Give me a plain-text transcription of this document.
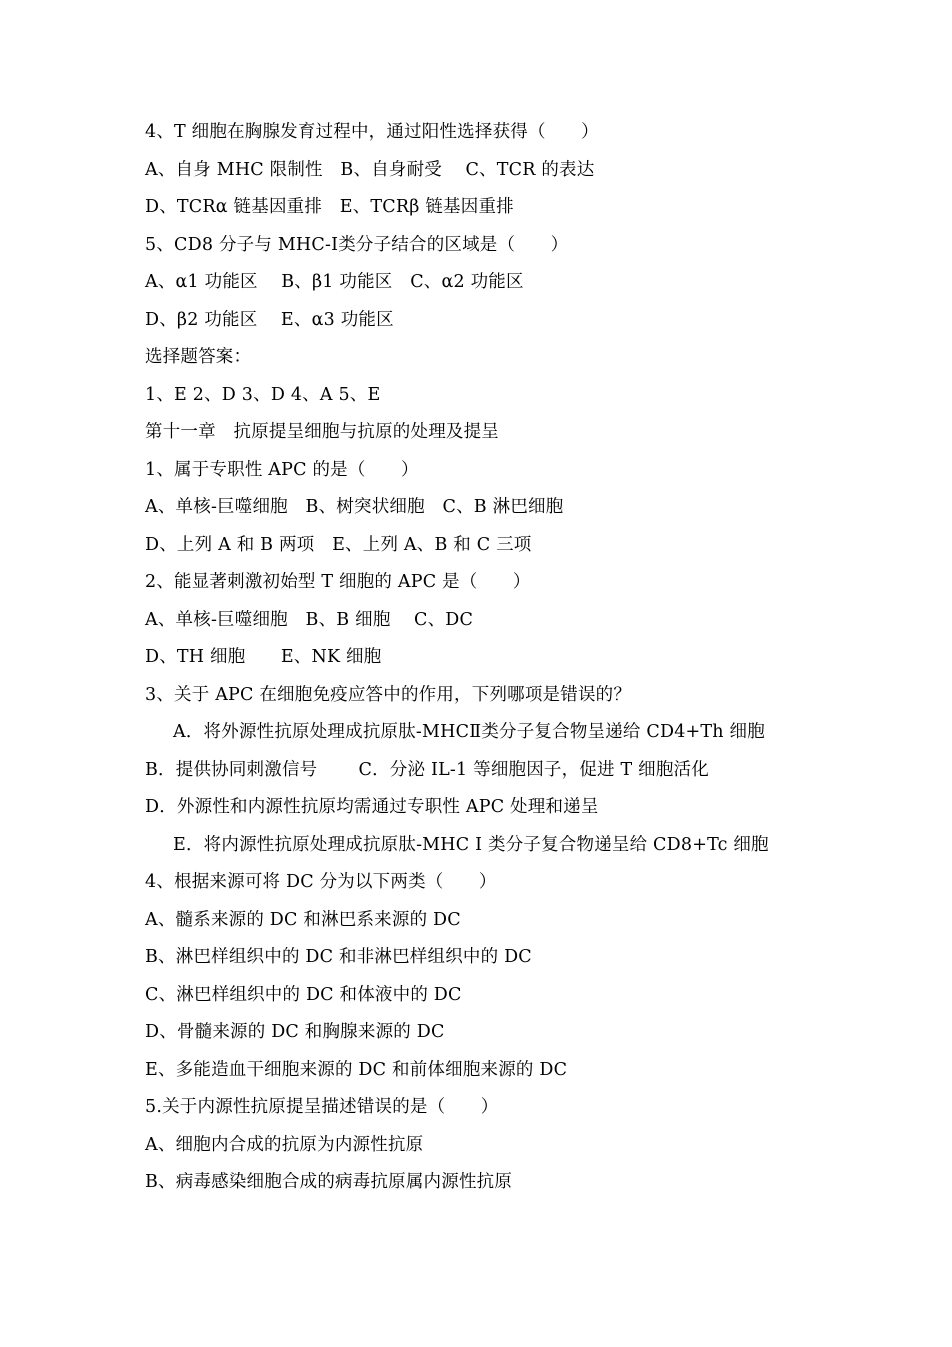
4、T 细胞在胸腺发育过程中，通过阳性选择获得（　　）
A、自身 MHC 限制性　B、自身耐受　 C、TCR 的表达
D、TCRα 链基因重排　E、TCRβ 链基因重排
5、CD8 分子与 MHC-Ⅰ类分子结合的区域是（　　）
A、α1 功能区　 B、β1 功能区　C、α2 功能区
D、β2 功能区　 E、α3 功能区
选择题答案：
1、E 2、D 3、D 4、A 5、E
第十一章　抗原提呈细胞与抗原的处理及提呈
1、属于专职性 APC 的是（　　）
A、单核-巨噬细胞　B、树突状细胞　C、B 淋巴细胞
D、上列 A 和 B 两项　E、上列 A、B 和 C 三项
2、能显著刺激初始型 T 细胞的 APC 是（　　）
A、单核-巨噬细胞　B、B 细胞　 C、DC
D、TH 细胞　　E、NK 细胞
3、关于 APC 在细胞免疫应答中的作用，下列哪项是错误的？
A．将外源性抗原处理成抗原肽-MHCⅡ类分子复合物呈递给 CD4+Th 细胞
B．提供协同刺激信号　　 C．分泌 IL-1 等细胞因子，促进 T 细胞活化
D．外源性和内源性抗原均需通过专职性 APC 处理和递呈
E．将内源性抗原处理成抗原肽-MHC I 类分子复合物递呈给 CD8+Tc 细胞
4、根据来源可将 DC 分为以下两类（　　）
A、髓系来源的 DC 和淋巴系来源的 DC
B、淋巴样组织中的 DC 和非淋巴样组织中的 DC
C、淋巴样组织中的 DC 和体液中的 DC
D、骨髓来源的 DC 和胸腺来源的 DC
E、多能造血干细胞来源的 DC 和前体细胞来源的 DC
5.关于内源性抗原提呈描述错误的是（　　）
A、细胞内合成的抗原为内源性抗原
B、病毒感染细胞合成的病毒抗原属内源性抗原
